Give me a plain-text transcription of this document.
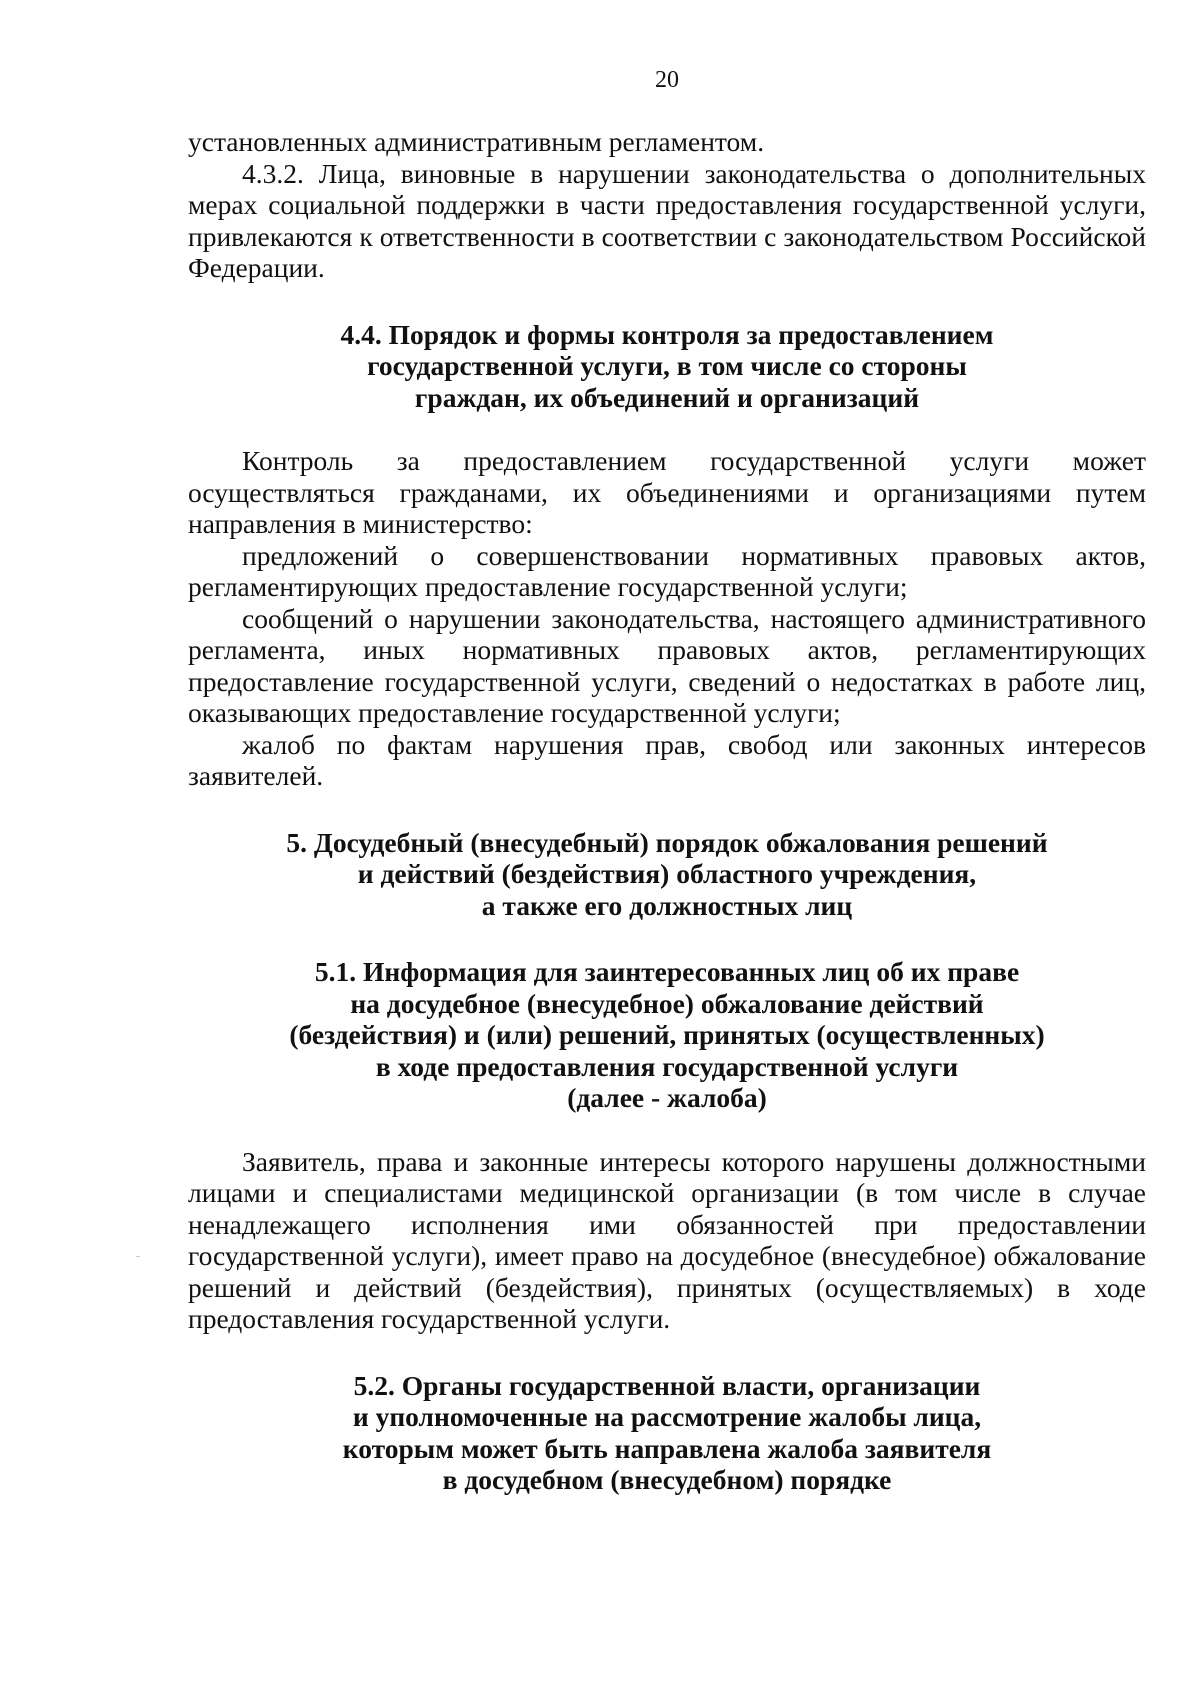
20

установленных административным регламентом.

4.3.2. Лица, виновные в нарушении законодательства о дополнительных мерах социальной поддержки в части предоставления государственной услуги, привлекаются к ответственности в соответствии с законодательством Российской Федерации.

4.4. Порядок и формы контроля за предоставлением
государственной услуги, в том числе со стороны
граждан, их объединений и организаций

Контроль за предоставлением государственной услуги может осуществляться гражданами, их объединениями и организациями путем направления в министерство:

предложений о совершенствовании нормативных правовых актов, регламентирующих предоставление государственной услуги;

сообщений о нарушении законодательства, настоящего административного регламента, иных нормативных правовых актов, регламентирующих предоставление государственной услуги, сведений о недостатках в работе лиц, оказывающих предоставление государственной услуги;

жалоб по фактам нарушения прав, свобод или законных интересов заявителей.

5. Досудебный (внесудебный) порядок обжалования решений
и действий (бездействия) областного учреждения,
а также его должностных лиц
5.1. Информация для заинтересованных лиц об их праве
на досудебное (внесудебное) обжалование действий
(бездействия) и (или) решений, принятых (осуществленных)
в ходе предоставления государственной услуги
(далее - жалоба)

Заявитель, права и законные интересы которого нарушены должностными лицами и специалистами медицинской организации (в том числе в случае ненадлежащего исполнения ими обязанностей при предоставлении государственной услуги), имеет право на досудебное (внесудебное) обжалование решений и действий (бездействия), принятых (осуществляемых) в ходе предоставления государственной услуги.

5.2. Органы государственной власти, организации
и уполномоченные на рассмотрение жалобы лица,
которым может быть направлена жалоба заявителя
в досудебном (внесудебном) порядке
